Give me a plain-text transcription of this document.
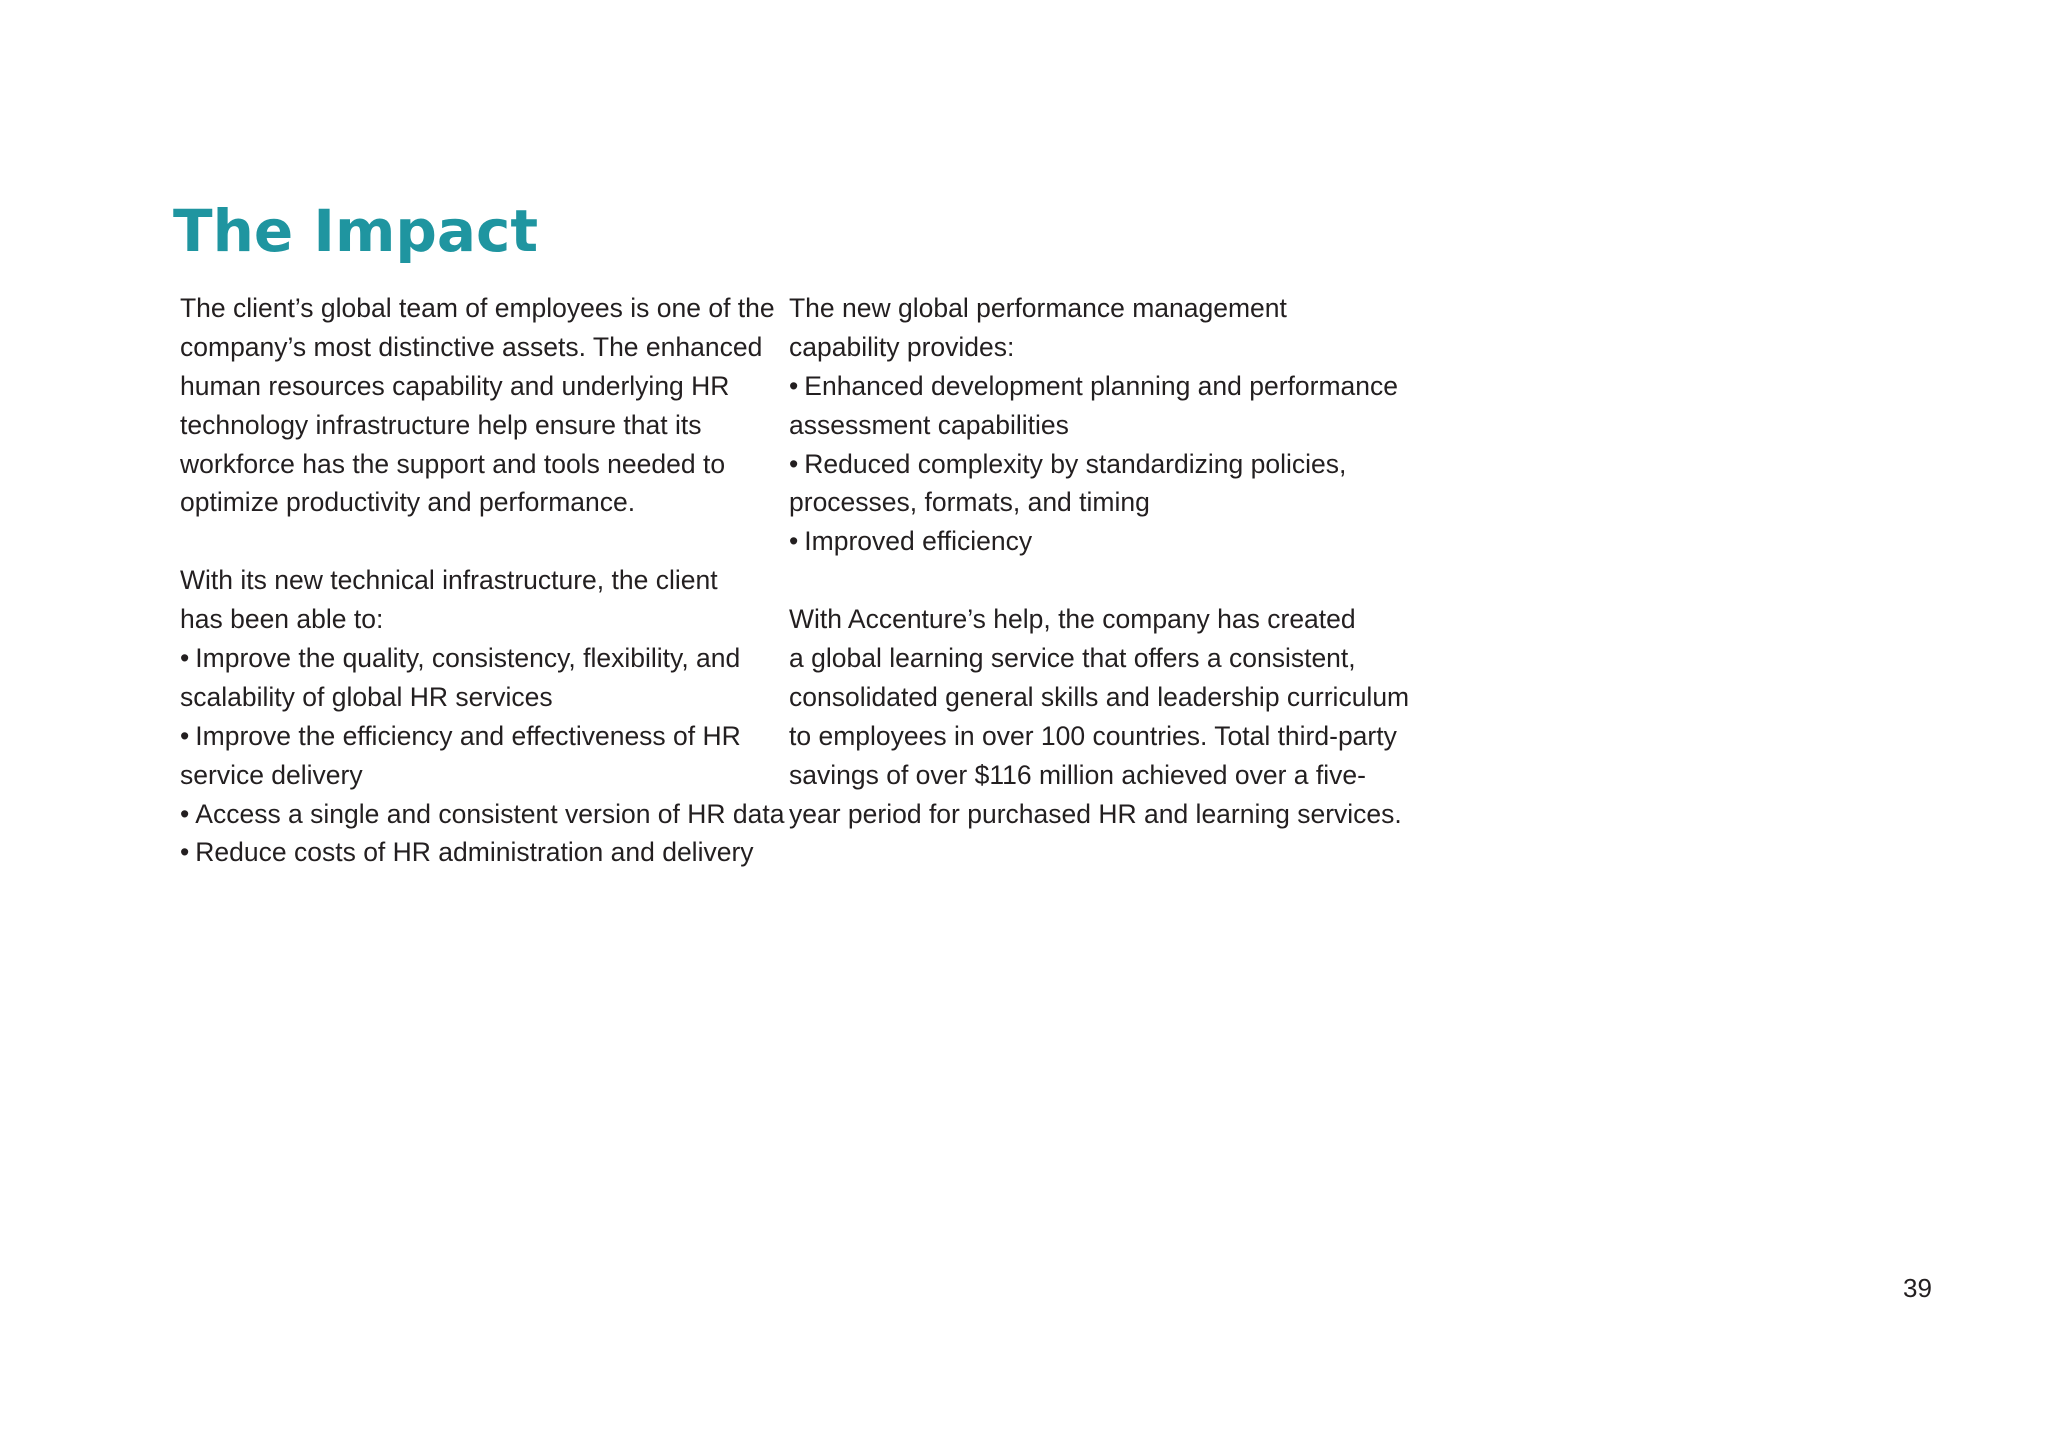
The Impact
The client’s global team of employees is one of the
company’s most distinctive assets. The enhanced
human resources capability and underlying HR
technology infrastructure help ensure that its
workforce has the support and tools needed to
optimize productivity and performance.
With its new technical infrastructure, the client
has been able to:
• Improve the quality, consistency, flexibility, and
scalability of global HR services
• Improve the efficiency and effectiveness of HR
service delivery
• Access a single and consistent version of HR data
• Reduce costs of HR administration and delivery
The new global performance management
capability provides:
• Enhanced development planning and performance
assessment capabilities
• Reduced complexity by standardizing policies,
processes, formats, and timing
• Improved efficiency
With Accenture’s help, the company has created
a global learning service that offers a consistent,
consolidated general skills and leadership curriculum
to employees in over 100 countries. Total third-party
savings of over $116 million achieved over a five-
year period for purchased HR and learning services.
39
